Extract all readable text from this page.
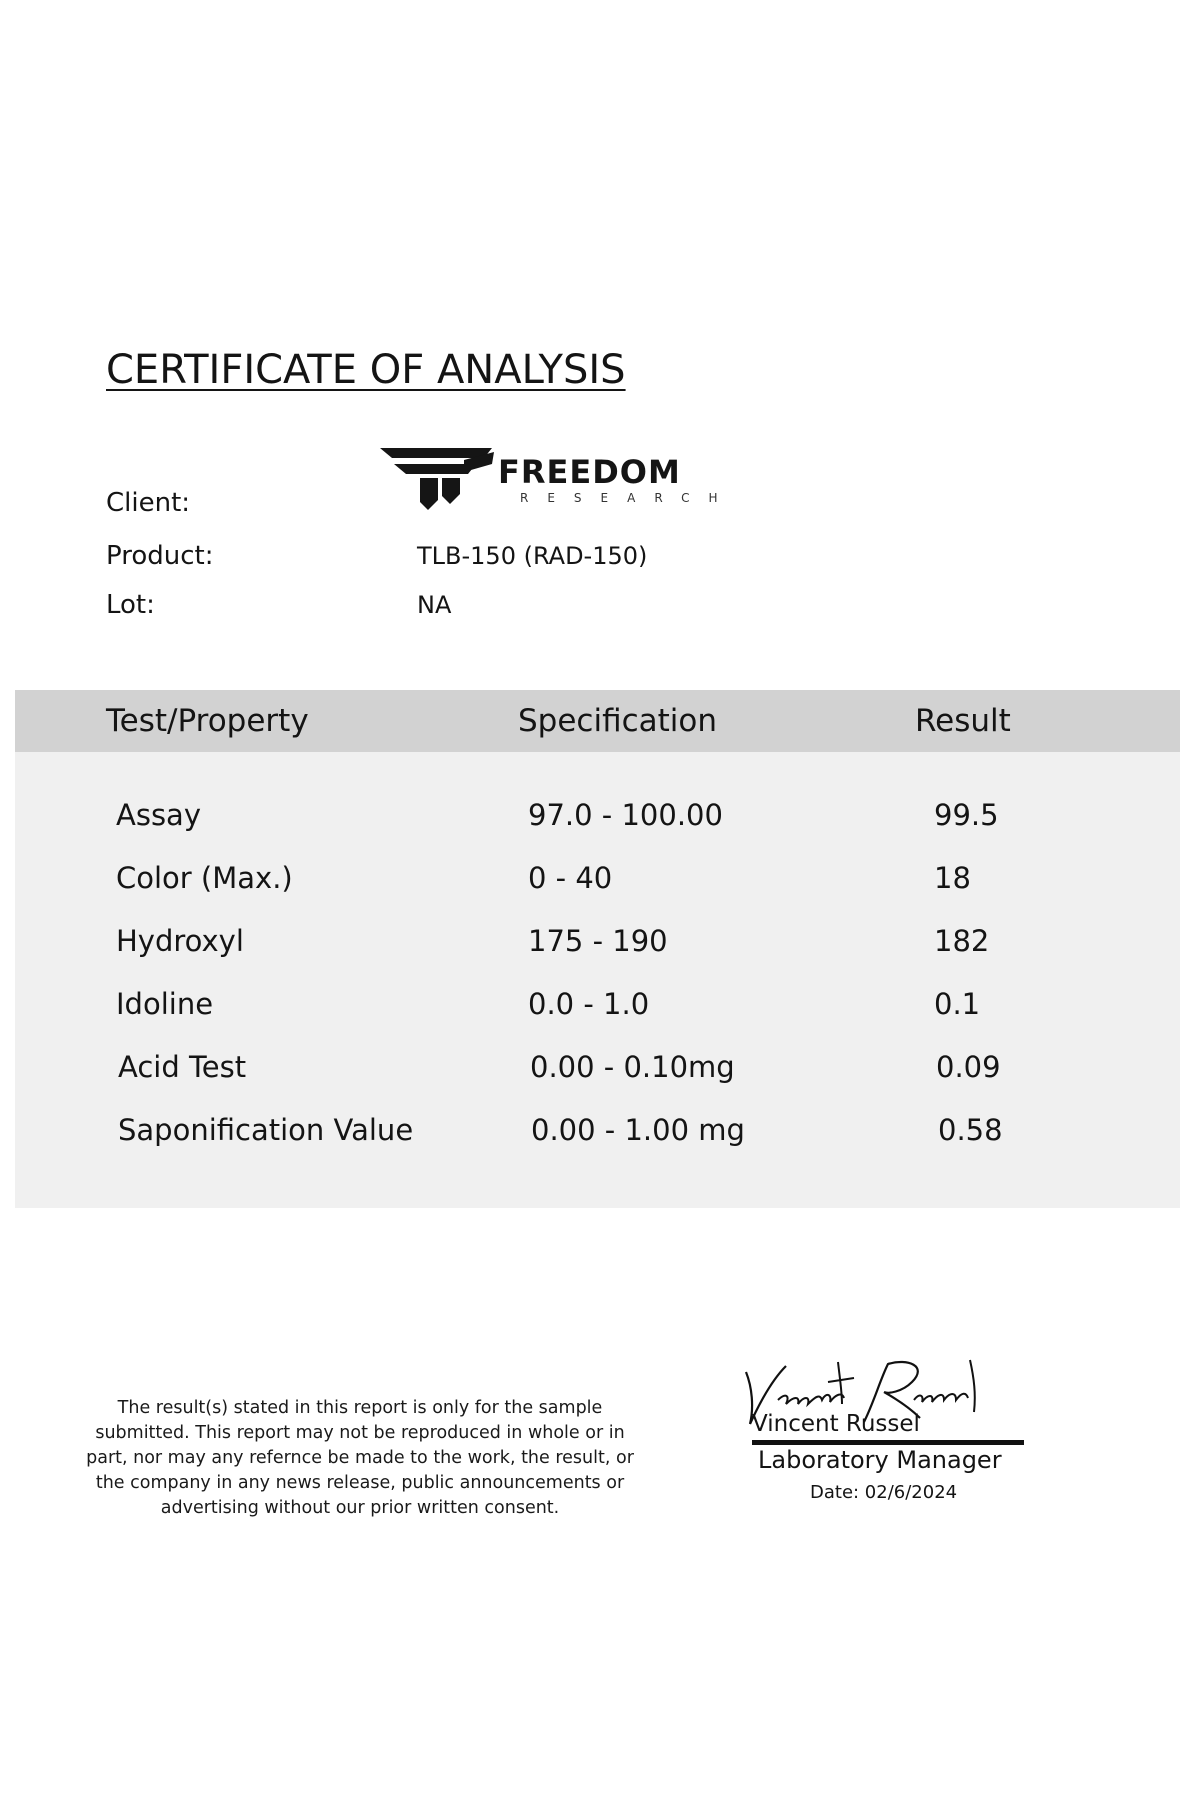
CERTIFICATE OF ANALYSIS
Client:
FREEDOM
RESEARCH
Product:	TLB-150 (RAD-150)
Lot:	NA
Test/Property	Specification	Result
Assay	97.0 - 100.00	99.5
Color (Max.)	0 - 40	18
Hydroxyl	175 - 190	182
Idoline	0.0 - 1.0	0.1
Acid Test	0.00 - 0.10mg	0.09
Saponification Value	0.00 - 1.00 mg	0.58
The result(s) stated in this report is only for the sample submitted. This report may not be reproduced in whole or in part, nor may any refernce be made to the work, the result, or the company in any news release, public announcements or advertising without our prior written consent.
Vincent Russel
Laboratory Manager
Date: 02/6/2024
